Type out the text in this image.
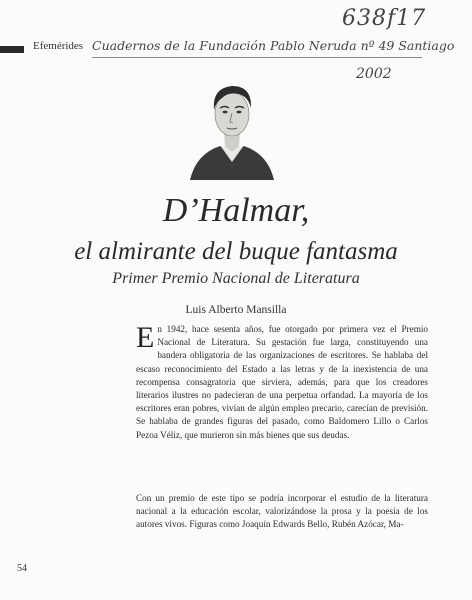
638f17
Efemérides Cuadernos de la Fundación Pablo Neruda nº 49 Santiago
2002
D’Halmar,
el almirante del buque fantasma
Primer Premio Nacional de Literatura
Luis Alberto Mansilla
En 1942, hace sesenta años, fue otorgado por primera vez el Premio Nacional de Literatura. Su gestación fue larga, constituyendo una bandera obligatoria de las organizaciones de escritores. Se hablaba del escaso reconocimiento del Estado a las letras y de la inexistencia de una recompensa consagratoria que sirviera, además, para que los creadores literarios ilustres no padecieran de una perpetua orfandad. La mayoría de los escritores eran pobres, vivían de algún empleo precario, carecían de previsión. Se hablaba de grandes figuras del pasado, como Baldomero Lillo o Carlos Pezoa Véliz, que murieron sin más bienes que sus deudas.
Con un premio de este tipo se podría incorporar el estudio de la literatura nacional a la educación escolar, valorizándose la prosa y la poesía de los autores vivos. Figuras como Joaquín Edwards Bello, Rubén Azócar, Ma-
54
